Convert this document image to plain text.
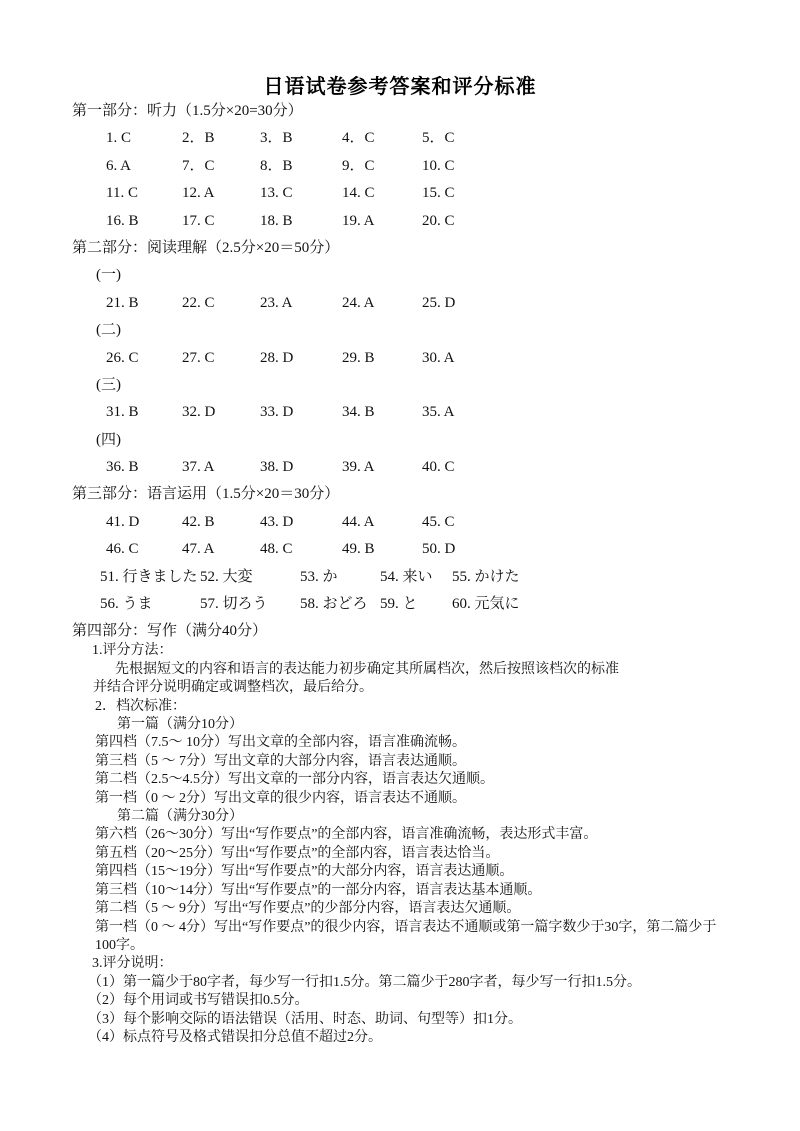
日语试卷参考答案和评分标准
第一部分：听力（1.5分×20=30分）
1. C	2．B	3．B	4．C	5．C
6. A	7．C	8．B	9．C	10. C
11. C	12. A	13. C	14. C	15. C
16. B	17. C	18. B	19. A	20. C
第二部分：阅读理解（2.5分×20＝50分）
(一)
21. B	22. C	23. A	24. A	25. D
(二)
26. C	27. C	28. D	29. B	30. A
(三)
31. B	32. D	33. D	34. B	35. A
(四)
36. B	37. A	38. D	39. A	40. C
第三部分：语言运用（1.5分×20＝30分）
41. D	42. B	43. D	44. A	45. C
46. C	47. A	48. C	49. B	50. D
51. 行きました 52. 大変	53. か	54. 来い	55. かけた
56. うま	57. 切ろう	58. おどろ 59. と	60. 元気に
第四部分：写作（满分40分）
1.评分方法：
先根据短文的内容和语言的表达能力初步确定其所属档次，然后按照该档次的标准
并结合评分说明确定或调整档次，最后给分。
2．档次标准：
第一篇（满分10分）
第四档（7.5～ 10分）写出文章的全部内容，语言准确流畅。
第三档（5 ～ 7分）写出文章的大部分内容，语言表达通顺。
第二档（2.5～4.5分）写出文章的一部分内容，语言表达欠通顺。
第一档（0 ～ 2分）写出文章的很少内容，语言表达不通顺。
第二篇（满分30分）
第六档（26～30分）写出“写作要点”的全部内容，语言准确流畅，表达形式丰富。
第五档（20～25分）写出“写作要点”的全部内容，语言表达恰当。
第四档（15～19分）写出“写作要点”的大部分内容，语言表达通顺。
第三档（10～14分）写出“写作要点”的一部分内容，语言表达基本通顺。
第二档（5 ～ 9分）写出“写作要点”的少部分内容，语言表达欠通顺。
第一档（0 ～ 4分）写出“写作要点”的很少内容，语言表达不通顺或第一篇字数少于30字，第二篇少于100字。
3.评分说明：
（1）第一篇少于80字者，每少写一行扣1.5分。第二篇少于280字者，每少写一行扣1.5分。
（2）每个用词或书写错误扣0.5分。
（3）每个影响交际的语法错误（活用、时态、助词、句型等）扣1分。
（4）标点符号及格式错误扣分总值不超过2分。
